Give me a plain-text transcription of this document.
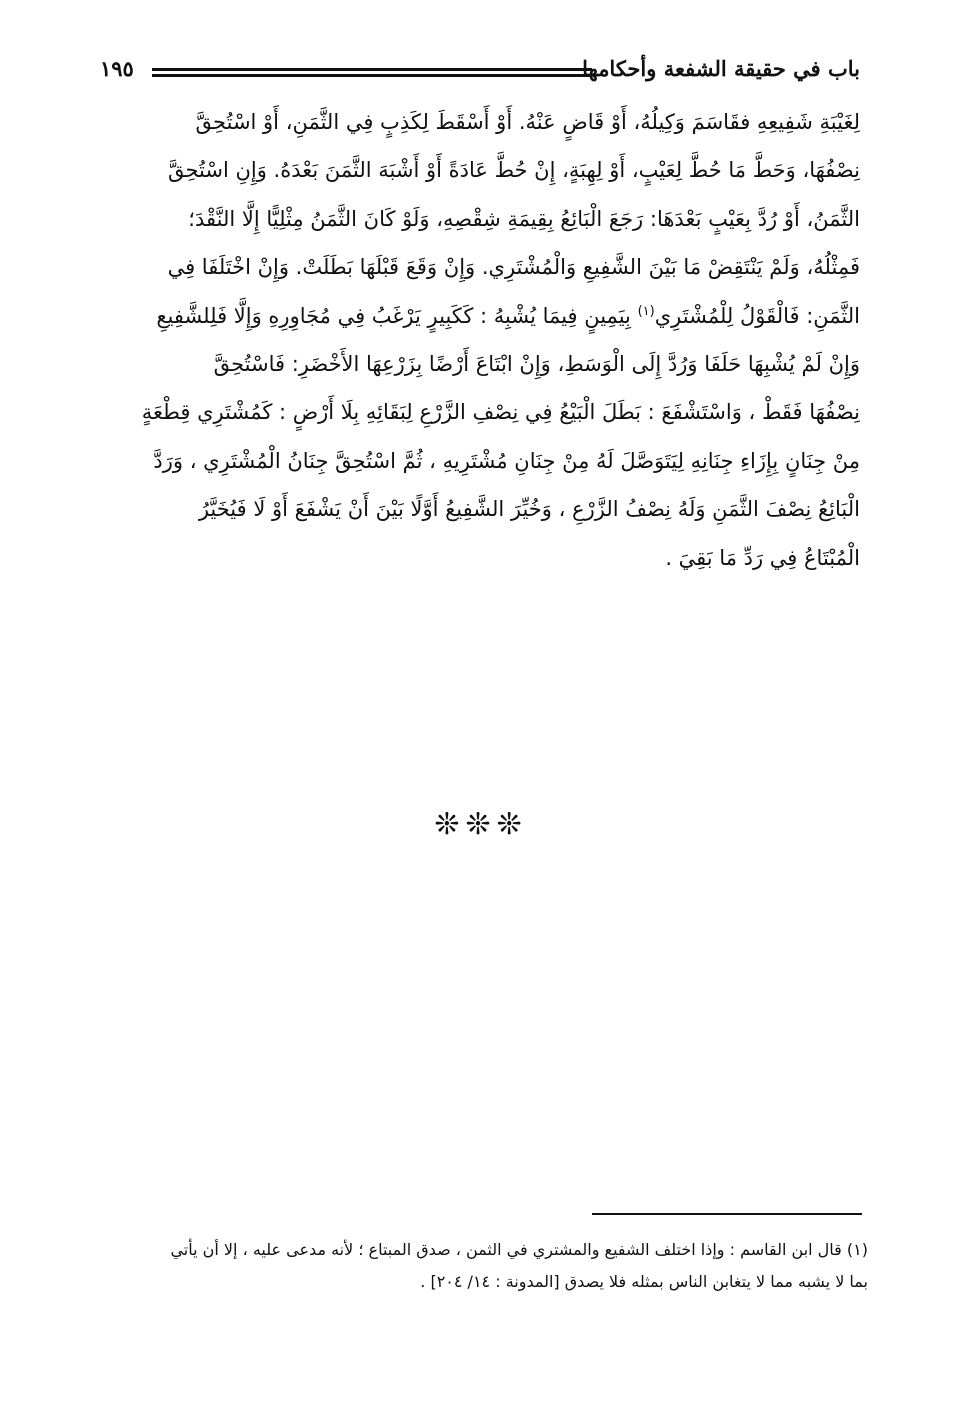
باب في حقيقة الشفعة وأحكامها
١٩٥
لِغَيْبَةِ شَفِيعِهِ فقَاسَمَ وَكِيلُهُ، أَوْ قَاضٍ عَنْهُ. أَوْ أَسْقَطَ لِكَذِبٍ فِي الثَّمَنِ، أَوْ اسْتُحِقَّ
نِصْفُهَا، وَحَطَّ مَا حُطَّ لِعَيْبٍ، أَوْ لِهِبَةٍ، إِنْ حُطَّ عَادَةً أَوْ أَشْبَهَ الثَّمَنَ بَعْدَهُ. وَإِنِ اسْتُحِقَّ
الثَّمَنُ، أَوْ رُدَّ بِعَيْبٍ بَعْدَهَا: رَجَعَ الْبَائِعُ بِقِيمَةِ شِقْصِهِ، وَلَوْ كَانَ الثَّمَنُ مِثْلِيًّا إِلَّا النَّقْدَ؛
فَمِثْلُهُ، وَلَمْ يَنْتَقِضْ مَا بَيْنَ الشَّفِيعِ وَالْمُشْتَرِي. وَإِنْ وَقَعَ قَبْلَهَا بَطَلَتْ. وَإِنْ اخْتَلَفَا فِي
الثَّمَنِ: فَالْقَوْلُ لِلْمُشْتَرِي$^{(١)}$ بِيَمِينٍ فِيمَا يُشْبِهُ : كَكَبِيرٍ يَرْغَبُ فِي مُجَاوِرِهِ وَإِلَّا فَلِلشَّفِيعِ
وَإِنْ لَمْ يُشْبِهَا حَلَفَا وَرُدَّ إِلَى الْوَسَطِ، وَإِنْ ابْتَاعَ أَرْضًا بِزَرْعِهَا الأَخْضَرِ: فَاسْتُحِقَّ
نِصْفُهَا فَقَطْ ، وَاسْتَشْفَعَ : بَطَلَ الْبَيْعُ فِي نِصْفِ الزَّرْعِ لِبَقَائِهِ بِلَا أَرْضٍ : كَمُشْتَرِي قِطْعَةٍ
مِنْ جِنَانٍ بِإِزَاءِ جِنَانِهِ لِيَتَوَصَّلَ لَهُ مِنْ جِنَانِ مُشْتَرِيهِ ، ثُمَّ اسْتُحِقَّ جِنَانُ الْمُشْتَرِي ، وَرَدَّ
الْبَائِعُ نِصْفَ الثَّمَنِ وَلَهُ نِصْفُ الزَّرْعِ ، وَخُيِّرَ الشَّفِيعُ أَوَّلًا بَيْنَ أَنْ يَشْفَعَ أَوْ لَا فَيُخَيَّرُ
الْمُبْتَاعُ فِي رَدِّ مَا بَقِيَ .
❊❊❊
(١) قال ابن القاسم : وإذا اختلف الشفيع والمشتري في الثمن ، صدق المبتاع ؛ لأنه مدعى عليه ، إلا أن يأتي
بما لا يشبه مما لا يتغابن الناس بمثله فلا يصدق [المدونة : ١٤/ ٢٠٤] .
